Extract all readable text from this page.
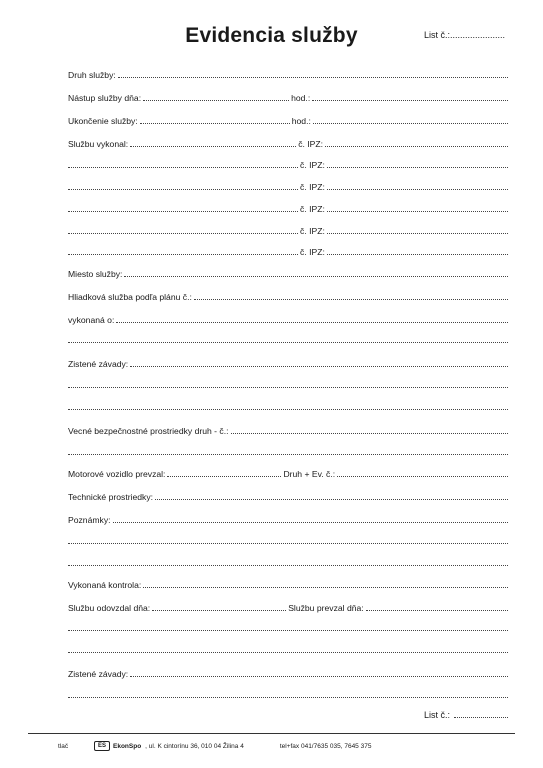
Evidencia služby	List č.:......................
Druh služby:
Nástup služby dňa:	hod.:
Ukončenie služby:	hod.:
Službu vykonal:	č. IPZ:
č. IPZ:
č. IPZ:
č. IPZ:
č. IPZ:
č. IPZ:
Miesto služby:
Hliadková služba podľa plánu č.:
vykonaná o:
Zistené závady:
Vecné bezpečnostné prostriedky druh - č.:
Motorové vozidlo prevzal:	Druh + Ev. č.:
Technické prostriedky:
Poznámky:
Vykonaná kontrola:
Službu odovzdal dňa:	Službu prevzal dňa:
Zistené závady:
List č.:
tlač	ES	EkonSpo , ul. K cintorínu 36, 010 04 Žilina 4	tel+fax 041/7635 035, 7645 375
